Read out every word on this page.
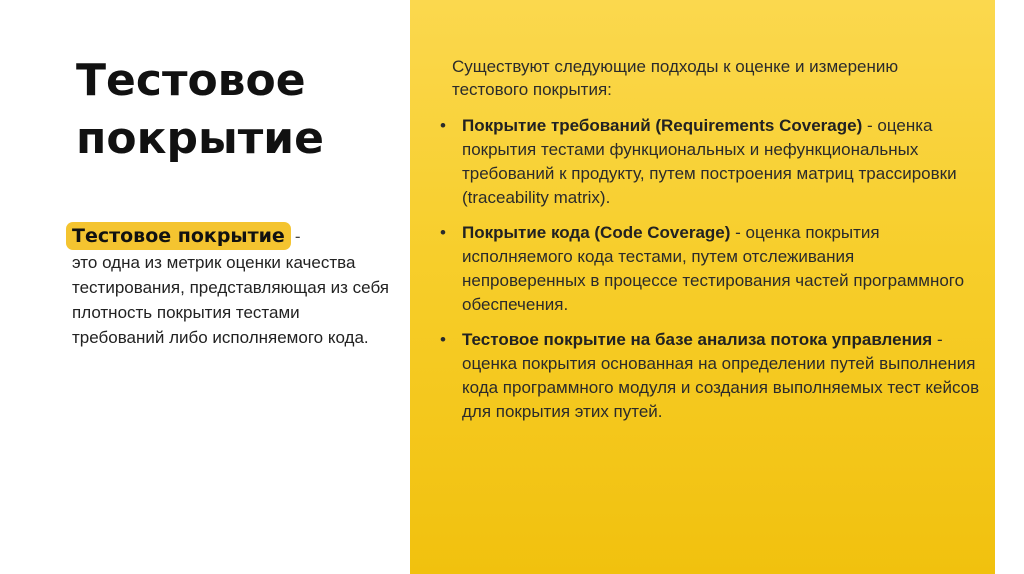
Тестовое покрытие
Тестовое покрытие -
это одна из метрик оценки качества тестирования, представляющая из себя плотность покрытия тестами требований либо исполняемого кода.

Существуют следующие подходы к оценке и измерению тестового покрытия:

• Покрытие требований (Requirements Coverage) - оценка покрытия тестами функциональных и нефункциональных требований к продукту, путем построения матриц трассировки (traceability matrix).
• Покрытие кода (Code Coverage) - оценка покрытия исполняемого кода тестами, путем отслеживания непроверенных в процессе тестирования частей программного обеспечения.
• Тестовое покрытие на базе анализа потока управления - оценка покрытия основанная на определении путей выполнения кода программного модуля и создания выполняемых тест кейсов для покрытия этих путей.
